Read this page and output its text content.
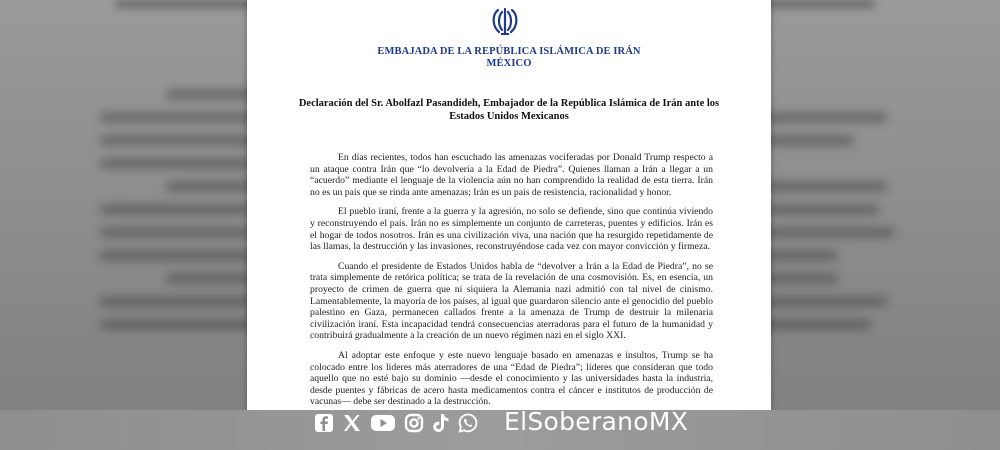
EMBAJADA DE LA REPÚBLICA ISLÁMICA DE IRÁN
MÉXICO
Declaración del Sr. Abolfazl Pasandideh, Embajador de la República Islámica de Irán ante los Estados Unidos Mexicanos

En días recientes, todos han escuchado las amenazas vociferadas por Donald Trump respecto a un ataque contra Irán que “lo devolvería a la Edad de Piedra”. Quienes llaman a Irán a llegar a un “acuerdo” mediante el lenguaje de la violencia aún no han comprendido la realidad de esta tierra. Irán no es un país que se rinda ante amenazas; Irán es un país de resistencia, racionalidad y honor.

El pueblo iraní, frente a la guerra y la agresión, no solo se defiende, sino que continúa viviendo y reconstruyendo el país. Irán no es simplemente un conjunto de carreteras, puentes y edificios. Irán es el hogar de todos nosotros. Irán es una civilización viva, una nación que ha resurgido repetidamente de las llamas, la destrucción y las invasiones, reconstruyéndose cada vez con mayor convicción y firmeza.

Cuando el presidente de Estados Unidos habla de “devolver a Irán a la Edad de Piedra”, no se trata simplemente de retórica política; se trata de la revelación de una cosmovisión. Es, en esencia, un proyecto de crimen de guerra que ni siquiera la Alemania nazi admitió con tal nivel de cinismo. Lamentablemente, la mayoría de los países, al igual que guardaron silencio ante el genocidio del pueblo palestino en Gaza, permanecen callados frente a la amenaza de Trump de destruir la milenaria civilización iraní. Esta incapacidad tendrá consecuencias aterradoras para el futuro de la humanidad y contribuirá gradualmente a la creación de un nuevo régimen nazi en el siglo XXI.

Al adoptar este enfoque y este nuevo lenguaje basado en amenazas e insultos, Trump se ha colocado entre los líderes más aterradores de una “Edad de Piedra”; líderes que consideran que todo aquello que no esté bajo su dominio —desde el conocimiento y las universidades hasta la industria, desde puentes y fábricas de acero hasta medicamentos contra el cáncer e institutos de producción de vacunas— debe ser destinado a la destrucción.

ElSoberanoMX
